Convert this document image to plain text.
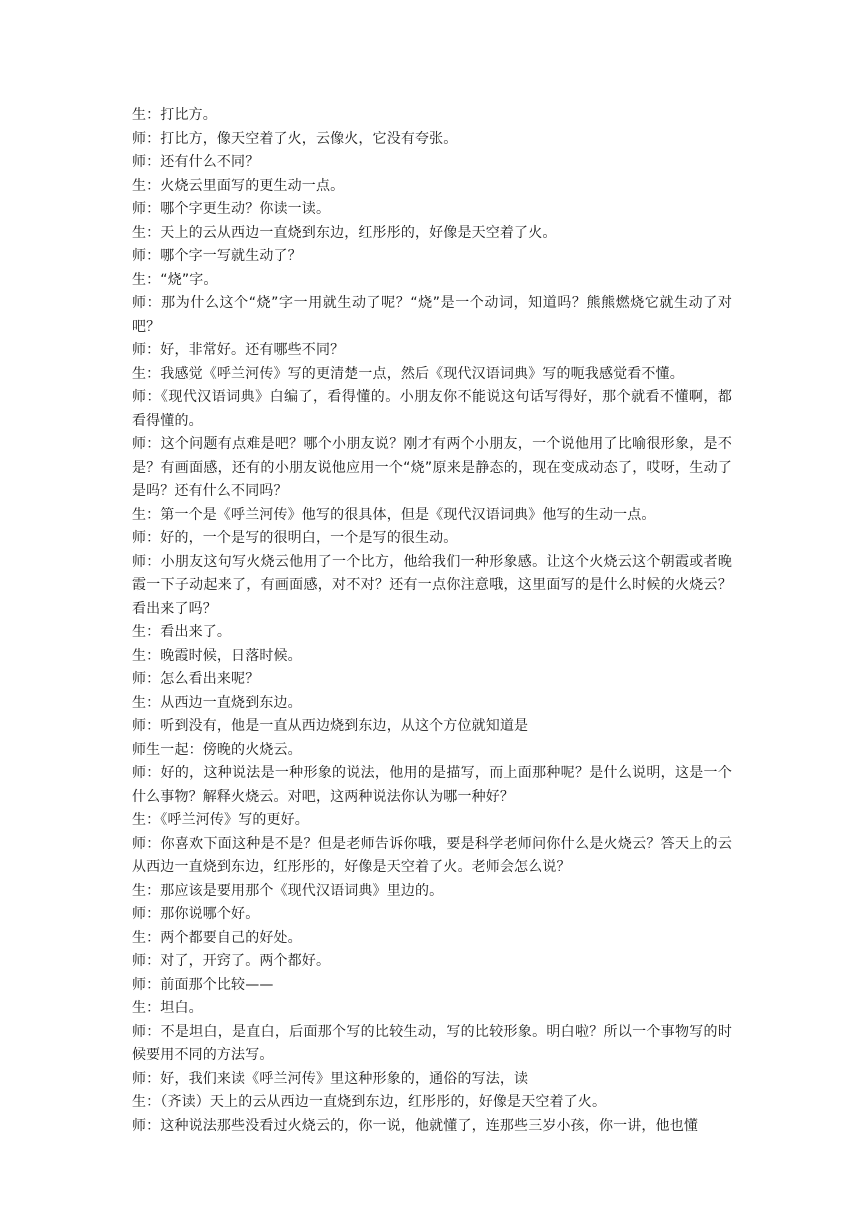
生：打比方。

师：打比方，像天空着了火，云像火，它没有夸张。

师：还有什么不同？

生：火烧云里面写的更生动一点。

师：哪个字更生动？你读一读。

生：天上的云从西边一直烧到东边，红彤彤的，好像是天空着了火。

师：哪个字一写就生动了？

生：“烧”字。

师：那为什么这个“烧”字一用就生动了呢？“烧”是一个动词，知道吗？熊熊燃烧它就生动了对吧？

师：好，非常好。还有哪些不同？

生：我感觉《呼兰河传》写的更清楚一点，然后《现代汉语词典》写的呃我感觉看不懂。

师：《现代汉语词典》白编了，看得懂的。小朋友你不能说这句话写得好，那个就看不懂啊，都看得懂的。

师：这个问题有点难是吧？哪个小朋友说？刚才有两个小朋友，一个说他用了比喻很形象，是不是？有画面感，还有的小朋友说他应用一个“烧”原来是静态的，现在变成动态了，哎呀，生动了是吗？还有什么不同吗？

生：第一个是《呼兰河传》他写的很具体，但是《现代汉语词典》他写的生动一点。

师：好的，一个是写的很明白，一个是写的很生动。

师：小朋友这句写火烧云他用了一个比方，他给我们一种形象感。让这个火烧云这个朝霞或者晚霞一下子动起来了，有画面感，对不对？还有一点你注意哦，这里面写的是什么时候的火烧云？看出来了吗？

生：看出来了。

生：晚霞时候，日落时候。

师：怎么看出来呢？

生：从西边一直烧到东边。

师：听到没有，他是一直从西边烧到东边，从这个方位就知道是

师生一起：傍晚的火烧云。

师：好的，这种说法是一种形象的说法，他用的是描写，而上面那种呢？是什么说明，这是一个什么事物？解释火烧云。对吧，这两种说法你认为哪一种好？

生：《呼兰河传》写的更好。

师：你喜欢下面这种是不是？但是老师告诉你哦，要是科学老师问你什么是火烧云？答天上的云从西边一直烧到东边，红彤彤的，好像是天空着了火。老师会怎么说？

生：那应该是要用那个《现代汉语词典》里边的。

师：那你说哪个好。

生：两个都要自己的好处。

师：对了，开窍了。两个都好。

师：前面那个比较——

生：坦白。

师：不是坦白，是直白，后面那个写的比较生动，写的比较形象。明白啦？所以一个事物写的时候要用不同的方法写。

师：好，我们来读《呼兰河传》里这种形象的，通俗的写法，读

生：（齐读）天上的云从西边一直烧到东边，红彤彤的，好像是天空着了火。

师：这种说法那些没看过火烧云的，你一说，他就懂了，连那些三岁小孩，你一讲，他也懂
